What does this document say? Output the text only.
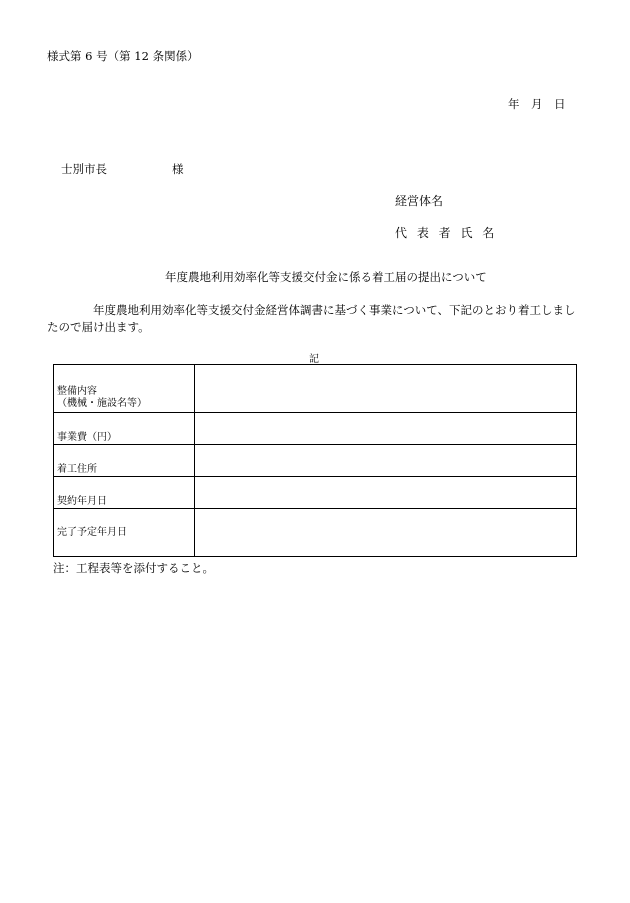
様式第 6 号（第 12 条関係）
年　月　日
士別市長	様
経営体名
代 表 者 氏 名
年度農地利用効率化等支援交付金に係る着工届の提出について
年度農地利用効率化等支援交付金経営体調書に基づく事業について、下記のとおり着工しましたので届け出ます。
記
整備内容
（機械・施設名等）	

事業費（円）	
着工住所	
契約年月日	
完了予定年月日	
注：工程表等を添付すること。
